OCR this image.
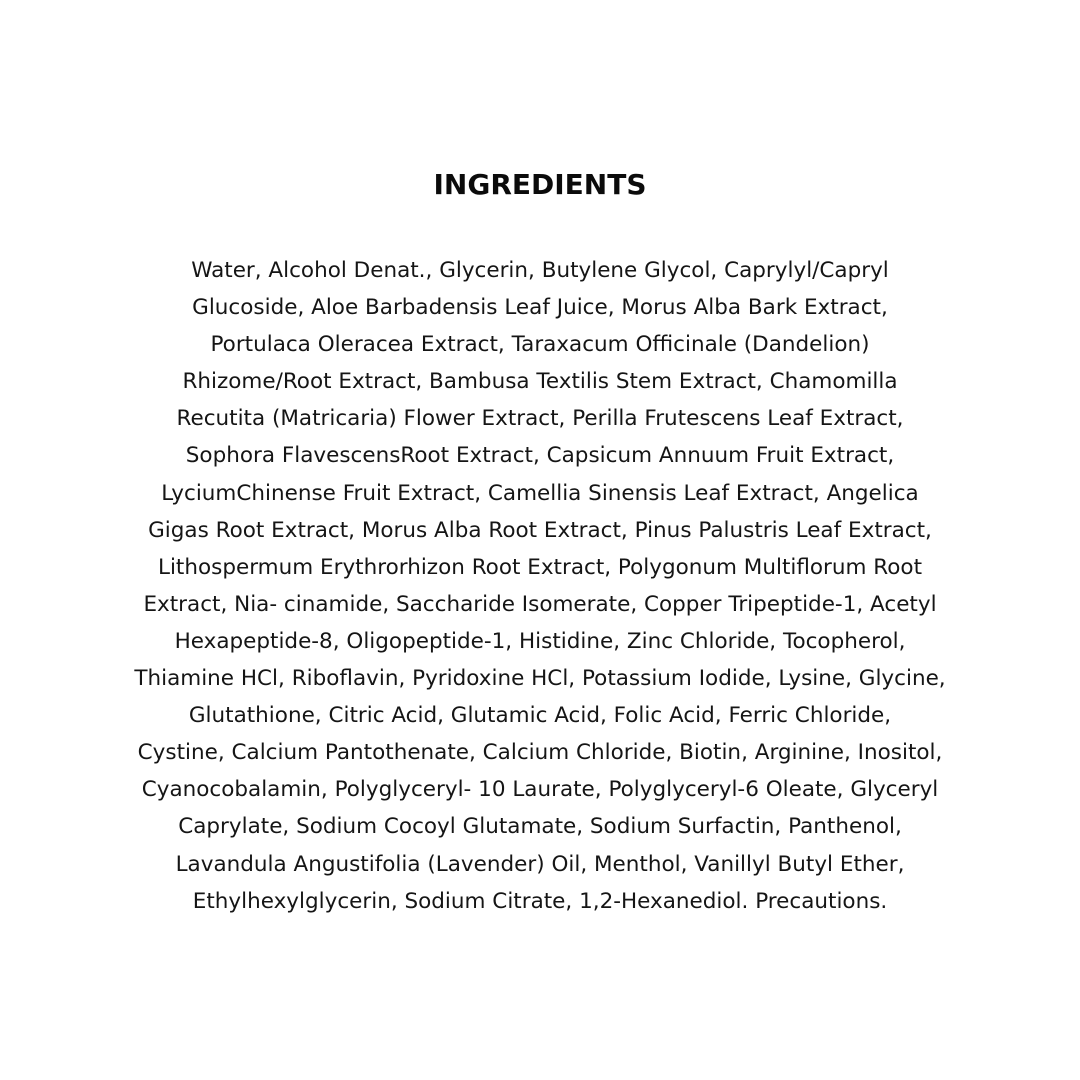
INGREDIENTS
Water, Alcohol Denat., Glycerin, Butylene Glycol, Caprylyl/Capryl
Glucoside, Aloe Barbadensis Leaf Juice, Morus Alba Bark Extract,
Portulaca Oleracea Extract, Taraxacum Officinale (Dandelion)
Rhizome/Root Extract, Bambusa Textilis Stem Extract, Chamomilla
Recutita (Matricaria) Flower Extract, Perilla Frutescens Leaf Extract,
Sophora FlavescensRoot Extract, Capsicum Annuum Fruit Extract,
LyciumChinense Fruit Extract, Camellia Sinensis Leaf Extract, Angelica
Gigas Root Extract, Morus Alba Root Extract, Pinus Palustris Leaf Extract,
Lithospermum Erythrorhizon Root Extract, Polygonum Multiflorum Root
Extract, Nia- cinamide, Saccharide Isomerate, Copper Tripeptide-1, Acetyl
Hexapeptide-8, Oligopeptide-1, Histidine, Zinc Chloride, Tocopherol,
Thiamine HCl, Riboflavin, Pyridoxine HCl, Potassium Iodide, Lysine, Glycine,
Glutathione, Citric Acid, Glutamic Acid, Folic Acid, Ferric Chloride,
Cystine, Calcium Pantothenate, Calcium Chloride, Biotin, Arginine, Inositol,
Cyanocobalamin, Polyglyceryl- 10 Laurate, Polyglyceryl-6 Oleate, Glyceryl
Caprylate, Sodium Cocoyl Glutamate, Sodium Surfactin, Panthenol,
Lavandula Angustifolia (Lavender) Oil, Menthol, Vanillyl Butyl Ether,
Ethylhexylglycerin, Sodium Citrate, 1,2-Hexanediol. Precautions.
